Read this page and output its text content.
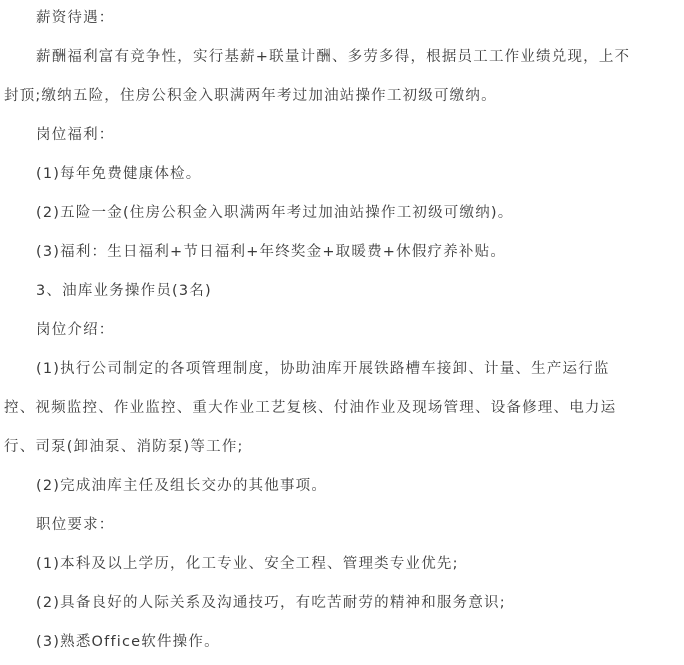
薪资待遇：
薪酬福利富有竞争性，实行基薪+联量计酬、多劳多得，根据员工工作业绩兑现，上不
封顶;缴纳五险，住房公积金入职满两年考过加油站操作工初级可缴纳。
岗位福利：
(1)每年免费健康体检。
(2)五险一金(住房公积金入职满两年考过加油站操作工初级可缴纳)。
(3)福利：生日福利+节日福利+年终奖金+取暖费+休假疗养补贴。
3、油库业务操作员(3名)
岗位介绍：
(1)执行公司制定的各项管理制度，协助油库开展铁路槽车接卸、计量、生产运行监
控、视频监控、作业监控、重大作业工艺复核、付油作业及现场管理、设备修理、电力运
行、司泵(卸油泵、消防泵)等工作;
(2)完成油库主任及组长交办的其他事项。
职位要求：
(1)本科及以上学历，化工专业、安全工程、管理类专业优先;
(2)具备良好的人际关系及沟通技巧，有吃苦耐劳的精神和服务意识;
(3)熟悉Office软件操作。
